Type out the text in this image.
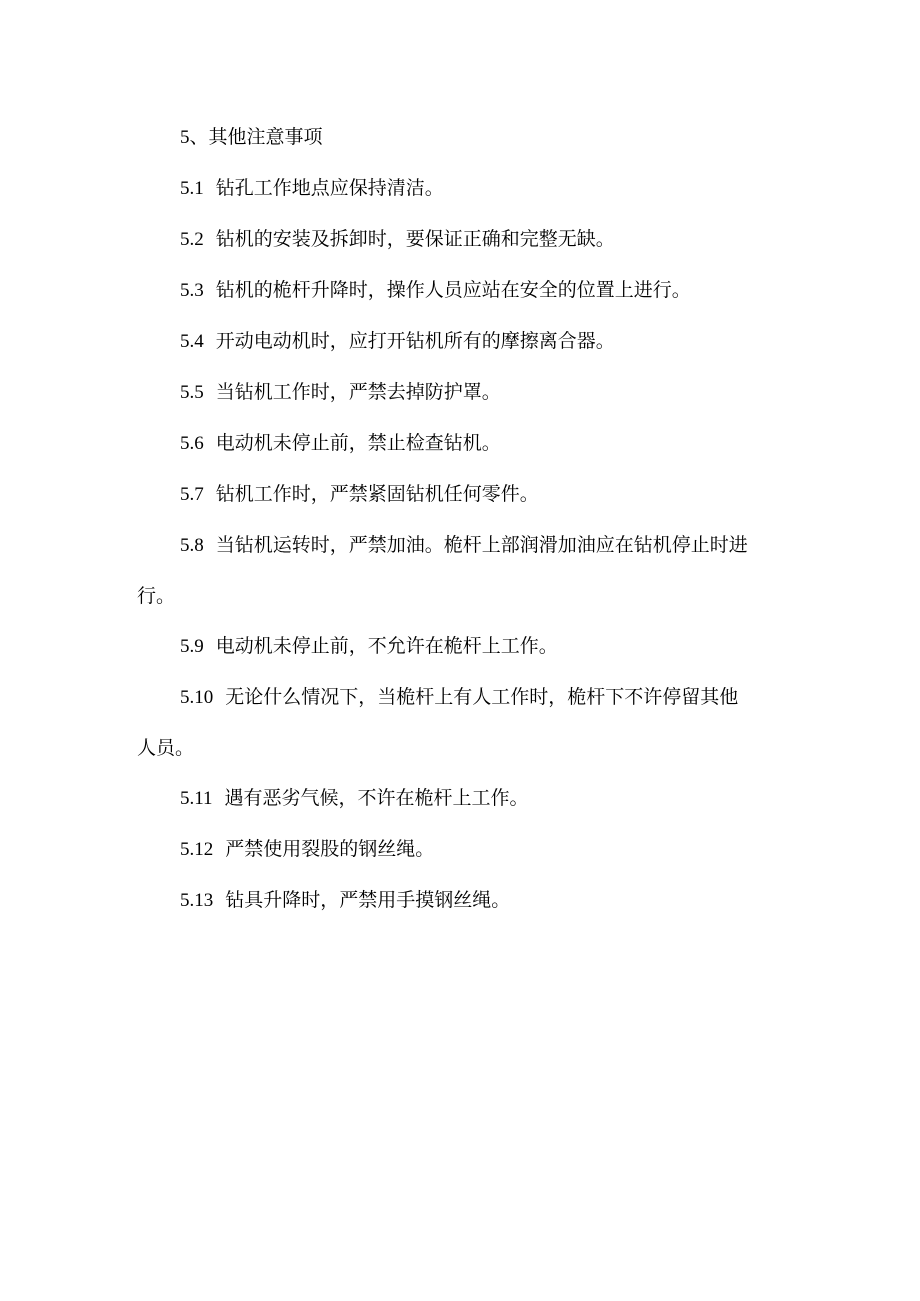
5、其他注意事项

5.1 钻孔工作地点应保持清洁。

5.2 钻机的安装及拆卸时，要保证正确和完整无缺。

5.3 钻机的桅杆升降时，操作人员应站在安全的位置上进行。

5.4 开动电动机时，应打开钻机所有的摩擦离合器。

5.5 当钻机工作时，严禁去掉防护罩。

5.6 电动机未停止前，禁止检查钻机。

5.7 钻机工作时，严禁紧固钻机任何零件。

5.8 当钻机运转时，严禁加油。桅杆上部润滑加油应在钻机停止时进

行。

5.9 电动机未停止前，不允许在桅杆上工作。

5.10 无论什么情况下，当桅杆上有人工作时，桅杆下不许停留其他

人员。

5.11 遇有恶劣气候，不许在桅杆上工作。

5.12 严禁使用裂股的钢丝绳。

5.13 钻具升降时，严禁用手摸钢丝绳。
